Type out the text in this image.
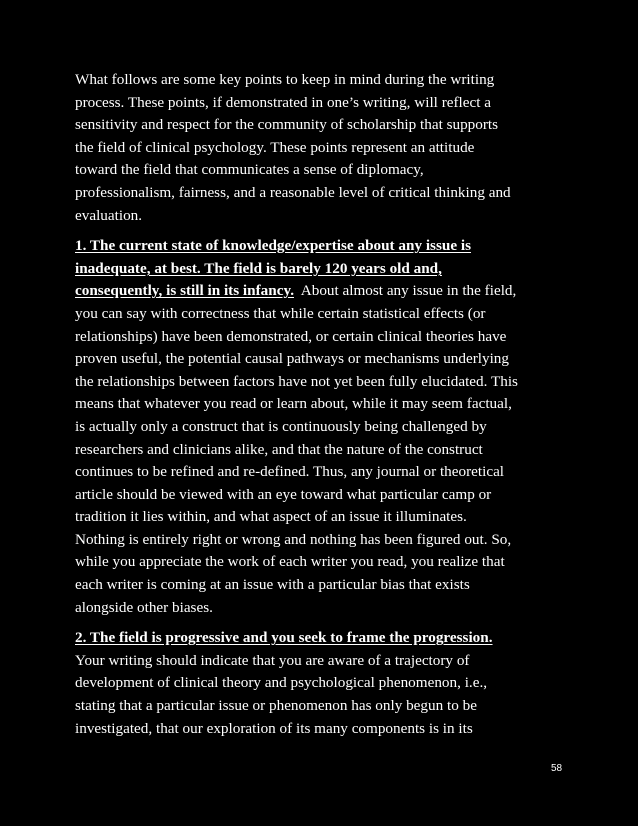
What follows are some key points to keep in mind during the writing
process. These points, if demonstrated in one’s writing, will reflect a
sensitivity and respect for the community of scholarship that supports
the field of clinical psychology. These points represent an attitude
toward the field that communicates a sense of diplomacy,
professionalism, fairness, and a reasonable level of critical thinking and
evaluation.

1. The current state of knowledge/expertise about any issue is
inadequate, at best. The field is barely 120 years old and,
consequently, is still in its infancy.  About almost any issue in the field,
you can say with correctness that while certain statistical effects (or
relationships) have been demonstrated, or certain clinical theories have
proven useful, the potential causal pathways or mechanisms underlying
the relationships between factors have not yet been fully elucidated. This
means that whatever you read or learn about, while it may seem factual,
is actually only a construct that is continuously being challenged by
researchers and clinicians alike, and that the nature of the construct
continues to be refined and re-defined. Thus, any journal or theoretical
article should be viewed with an eye toward what particular camp or
tradition it lies within, and what aspect of an issue it illuminates.
Nothing is entirely right or wrong and nothing has been figured out. So,
while you appreciate the work of each writer you read, you realize that
each writer is coming at an issue with a particular bias that exists
alongside other biases.

2. The field is progressive and you seek to frame the progression.
Your writing should indicate that you are aware of a trajectory of
development of clinical theory and psychological phenomenon, i.e.,
stating that a particular issue or phenomenon has only begun to be
investigated, that our exploration of its many components is in its

58
